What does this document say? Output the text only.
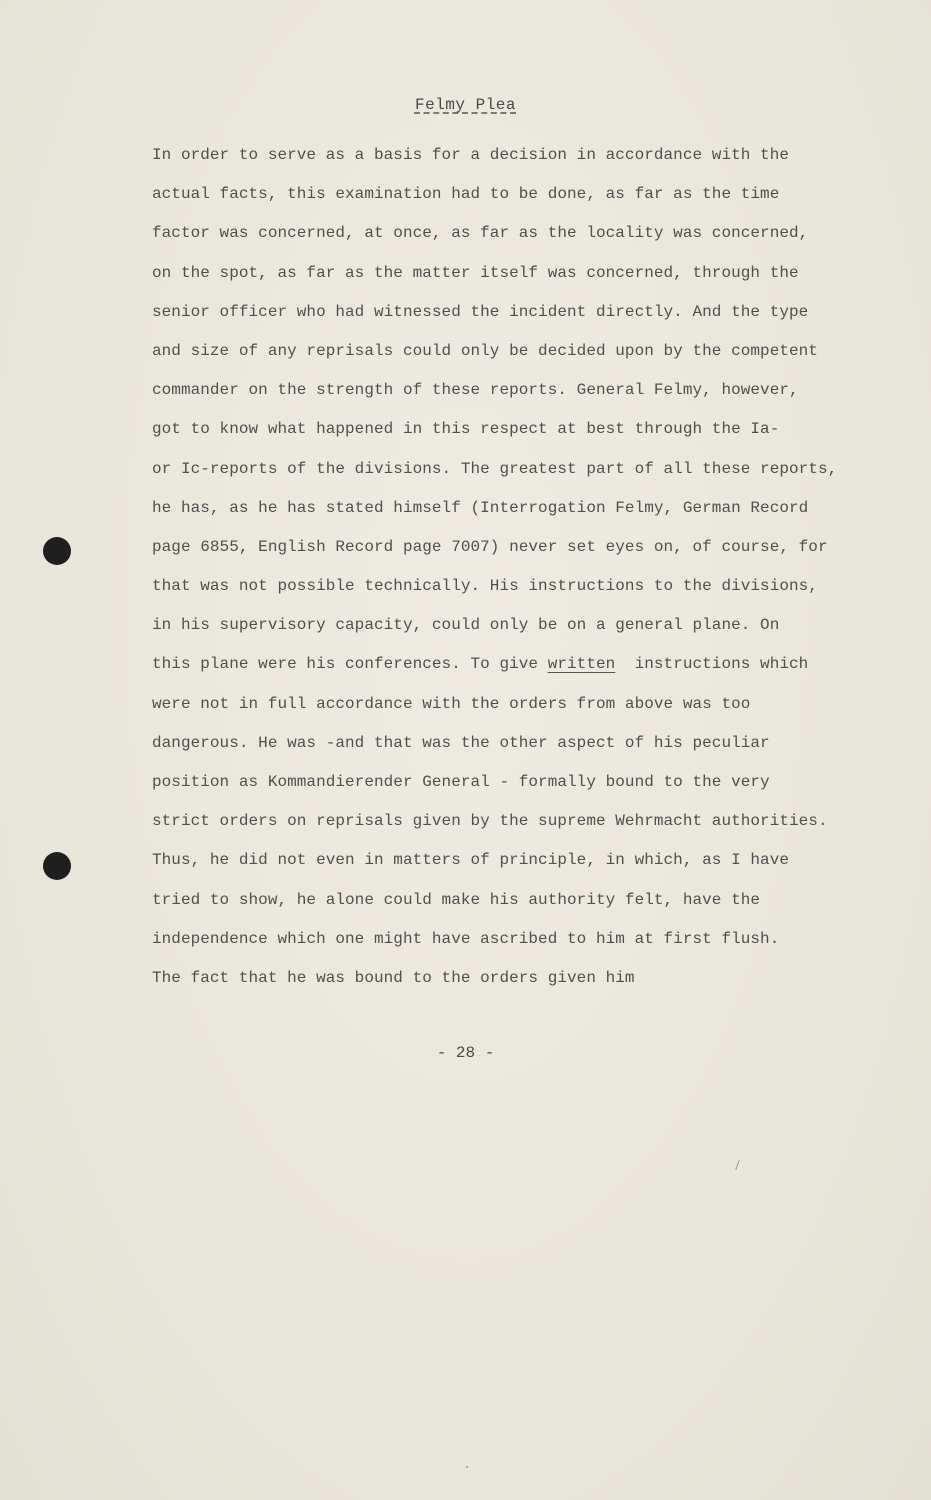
Felmy Plea
In order to serve as a basis for a decision in accordance with the
actual facts, this examination had to be done, as far as the time
factor was concerned, at once, as far as the locality was concerned,
on the spot, as far as the matter itself was concerned, through the
senior officer who had witnessed the incident directly. And the type
and size of any reprisals could only be decided upon by the competent
commander on the strength of these reports. General Felmy, however,
got to know what happened in this respect at best through the Ia-
or Ic-reports of the divisions. The greatest part of all these reports,
he has, as he has stated himself (Interrogation Felmy, German Record
page 6855, English Record page 7007) never set eyes on, of course, for
that was not possible technically. His instructions to the divisions,
in his supervisory capacity, could only be on a general plane. On
this plane were his conferences. To give written  instructions which
were not in full accordance with the orders from above was too
dangerous. He was -and that was the other aspect of his peculiar
position as Kommandierender General - formally bound to the very
strict orders on reprisals given by the supreme Wehrmacht authorities.
Thus, he did not even in matters of principle, in which, as I have
tried to show, he alone could make his authority felt, have the
independence which one might have ascribed to him at first flush.
The fact that he was bound to the orders given him
- 28 -
